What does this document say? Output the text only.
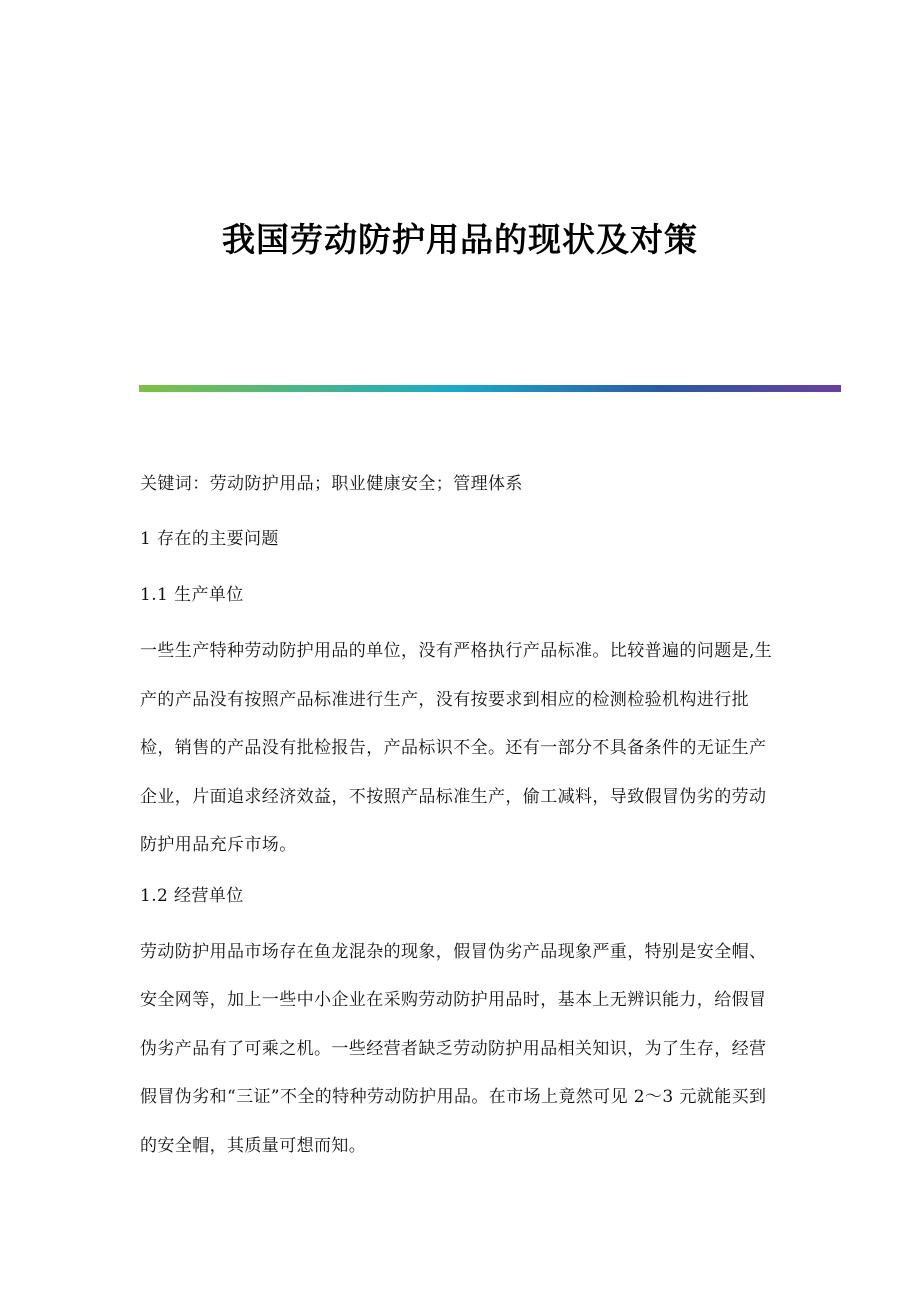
我国劳动防护用品的现状及对策

关键词：劳动防护用品；职业健康安全；管理体系

1 存在的主要问题

1.1 生产单位

一些生产特种劳动防护用品的单位，没有严格执行产品标准。比较普遍的问题是,生产的产品没有按照产品标准进行生产，没有按要求到相应的检测检验机构进行批检，销售的产品没有批检报告，产品标识不全。还有一部分不具备条件的无证生产企业，片面追求经济效益，不按照产品标准生产，偷工减料，导致假冒伪劣的劳动防护用品充斥市场。

1.2 经营单位

劳动防护用品市场存在鱼龙混杂的现象，假冒伪劣产品现象严重，特别是安全帽、安全网等，加上一些中小企业在采购劳动防护用品时，基本上无辨识能力，给假冒伪劣产品有了可乘之机。一些经营者缺乏劳动防护用品相关知识，为了生存，经营假冒伪劣和“三证”不全的特种劳动防护用品。在市场上竟然可见 2～3 元就能买到的安全帽，其质量可想而知。
